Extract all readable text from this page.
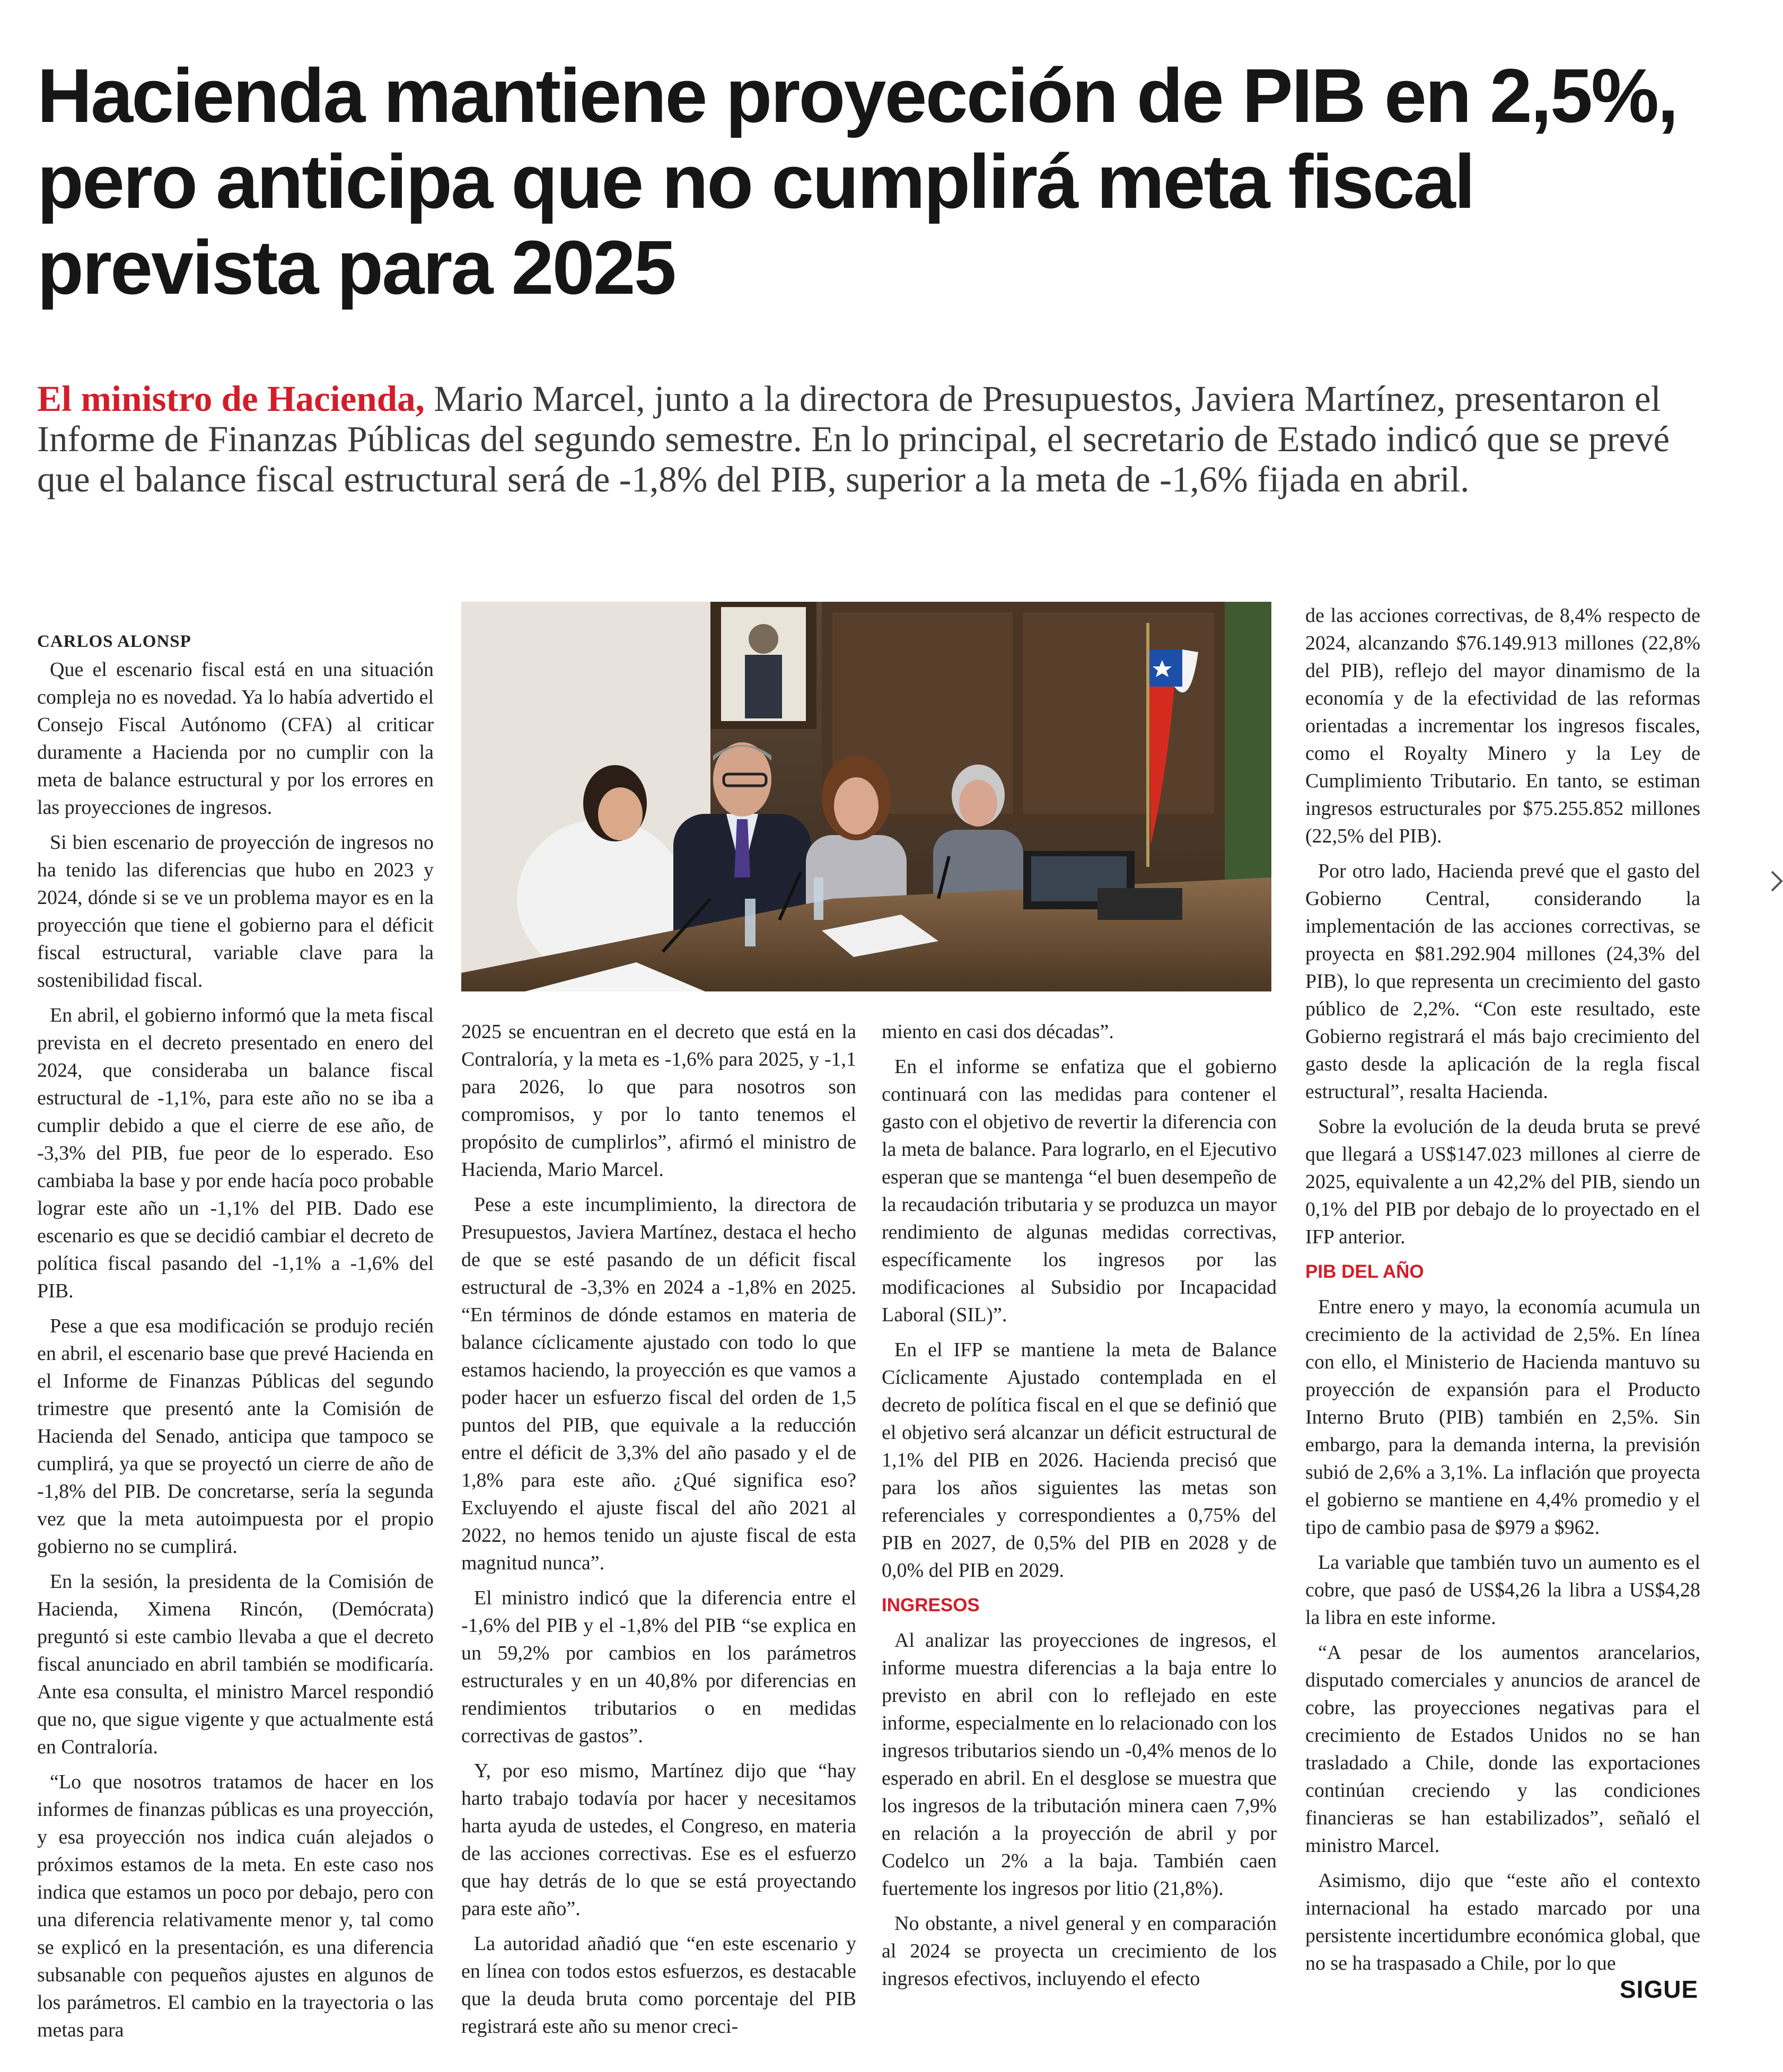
Hacienda mantiene proyección de PIB en 2,5%, pero anticipa que no cumplirá meta fiscal prevista para 2025

El ministro de Hacienda, Mario Marcel, junto a la directora de Presupuestos, Javiera Martínez, presentaron el Informe de Finanzas Públicas del segundo semestre. En lo principal, el secretario de Estado indicó que se prevé que el balance fiscal estructural será de -1,8% del PIB, superior a la meta de -1,6% fijada en abril.

CARLOS ALONSP

Que el escenario fiscal está en una situación compleja no es novedad. Ya lo había advertido el Consejo Fiscal Autónomo (CFA) al criticar duramente a Hacienda por no cumplir con la meta de balance estructural y por los errores en las proyecciones de ingresos.

Si bien escenario de proyección de ingresos no ha tenido las diferencias que hubo en 2023 y 2024, dónde si se ve un problema mayor es en la proyección que tiene el gobierno para el déficit fiscal estructural, variable clave para la sostenibilidad fiscal.

En abril, el gobierno informó que la meta fiscal prevista en el decreto presentado en enero del 2024, que consideraba un balance fiscal estructural de -1,1%, para este año no se iba a cumplir debido a que el cierre de ese año, de -3,3% del PIB, fue peor de lo esperado. Eso cambiaba la base y por ende hacía poco probable lograr este año un -1,1% del PIB. Dado ese escenario es que se decidió cambiar el decreto de política fiscal pasando del -1,1% a -1,6% del PIB.

Pese a que esa modificación se produjo recién en abril, el escenario base que prevé Hacienda en el Informe de Finanzas Públicas del segundo trimestre que presentó ante la Comisión de Hacienda del Senado, anticipa que tampoco se cumplirá, ya que se proyectó un cierre de año de -1,8% del PIB. De concretarse, sería la segunda vez que la meta autoimpuesta por el propio gobierno no se cumplirá.

En la sesión, la presidenta de la Comisión de Hacienda, Ximena Rincón, (Demócrata) preguntó si este cambio llevaba a que el decreto fiscal anunciado en abril también se modificaría. Ante esa consulta, el ministro Marcel respondió que no, que sigue vigente y que actualmente está en Contraloría.

“Lo que nosotros tratamos de hacer en los informes de finanzas públicas es una proyección, y esa proyección nos indica cuán alejados o próximos estamos de la meta. En este caso nos indica que estamos un poco por debajo, pero con una diferencia relativamente menor y, tal como se explicó en la presentación, es una diferencia subsanable con pequeños ajustes en algunos de los parámetros. El cambio en la trayectoria o las metas para

2025 se encuentran en el decreto que está en la Contraloría, y la meta es -1,6% para 2025, y -1,1 para 2026, lo que para nosotros son compromisos, y por lo tanto tenemos el propósito de cumplirlos”, afirmó el ministro de Hacienda, Mario Marcel.

Pese a este incumplimiento, la directora de Presupuestos, Javiera Martínez, destaca el hecho de que se esté pasando de un déficit fiscal estructural de -3,3% en 2024 a -1,8% en 2025. “En términos de dónde estamos en materia de balance cíclicamente ajustado con todo lo que estamos haciendo, la proyección es que vamos a poder hacer un esfuerzo fiscal del orden de 1,5 puntos del PIB, que equivale a la reducción entre el déficit de 3,3% del año pasado y el de 1,8% para este año. ¿Qué significa eso? Excluyendo el ajuste fiscal del año 2021 al 2022, no hemos tenido un ajuste fiscal de esta magnitud nunca”.

El ministro indicó que la diferencia entre el -1,6% del PIB y el -1,8% del PIB “se explica en un 59,2% por cambios en los parámetros estructurales y en un 40,8% por diferencias en rendimientos tributarios o en medidas correctivas de gastos”.

Y, por eso mismo, Martínez dijo que “hay harto trabajo todavía por hacer y necesitamos harta ayuda de ustedes, el Congreso, en materia de las acciones correctivas. Ese es el esfuerzo que hay detrás de lo que se está proyectando para este año”.

La autoridad añadió que “en este escenario y en línea con todos estos esfuerzos, es destacable que la deuda bruta como porcentaje del PIB registrará este año su menor creci-

miento en casi dos décadas”.

En el informe se enfatiza que el gobierno continuará con las medidas para contener el gasto con el objetivo de revertir la diferencia con la meta de balance. Para lograrlo, en el Ejecutivo esperan que se mantenga “el buen desempeño de la recaudación tributaria y se produzca un mayor rendimiento de algunas medidas correctivas, específicamente los ingresos por las modificaciones al Subsidio por Incapacidad Laboral (SIL)”.

En el IFP se mantiene la meta de Balance Cíclicamente Ajustado contemplada en el decreto de política fiscal en el que se definió que el objetivo será alcanzar un déficit estructural de 1,1% del PIB en 2026. Hacienda precisó que para los años siguientes las metas son referenciales y correspondientes a 0,75% del PIB en 2027, de 0,5% del PIB en 2028 y de 0,0% del PIB en 2029.

INGRESOS

Al analizar las proyecciones de ingresos, el informe muestra diferencias a la baja entre lo previsto en abril con lo reflejado en este informe, especialmente en lo relacionado con los ingresos tributarios siendo un -0,4% menos de lo esperado en abril. En el desglose se muestra que los ingresos de la tributación minera caen 7,9% en relación a la proyección de abril y por Codelco un 2% a la baja. También caen fuertemente los ingresos por litio (21,8%).

No obstante, a nivel general y en comparación al 2024 se proyecta un crecimiento de los ingresos efectivos, incluyendo el efecto

de las acciones correctivas, de 8,4% respecto de 2024, alcanzando $76.149.913 millones (22,8% del PIB), reflejo del mayor dinamismo de la economía y de la efectividad de las reformas orientadas a incrementar los ingresos fiscales, como el Royalty Minero y la Ley de Cumplimiento Tributario. En tanto, se estiman ingresos estructurales por $75.255.852 millones (22,5% del PIB).

Por otro lado, Hacienda prevé que el gasto del Gobierno Central, considerando la implementación de las acciones correctivas, se proyecta en $81.292.904 millones (24,3% del PIB), lo que representa un crecimiento del gasto público de 2,2%. “Con este resultado, este Gobierno registrará el más bajo crecimiento del gasto desde la aplicación de la regla fiscal estructural”, resalta Hacienda.

Sobre la evolución de la deuda bruta se prevé que llegará a US$147.023 millones al cierre de 2025, equivalente a un 42,2% del PIB, siendo un 0,1% del PIB por debajo de lo proyectado en el IFP anterior.

PIB DEL AÑO

Entre enero y mayo, la economía acumula un crecimiento de la actividad de 2,5%. En línea con ello, el Ministerio de Hacienda mantuvo su proyección de expansión para el Producto Interno Bruto (PIB) también en 2,5%. Sin embargo, para la demanda interna, la previsión subió de 2,6% a 3,1%. La inflación que proyecta el gobierno se mantiene en 4,4% promedio y el tipo de cambio pasa de $979 a $962.

La variable que también tuvo un aumento es el cobre, que pasó de US$4,26 la libra a US$4,28 la libra en este informe.

“A pesar de los aumentos arancelarios, disputado comerciales y anuncios de arancel de cobre, las proyecciones negativas para el crecimiento de Estados Unidos no se han trasladado a Chile, donde las exportaciones continúan creciendo y las condiciones financieras se han estabilizados”, señaló el ministro Marcel.

Asimismo, dijo que “este año el contexto internacional ha estado marcado por una persistente incertidumbre económica global, que no se ha traspasado a Chile, por lo que

SIGUE
